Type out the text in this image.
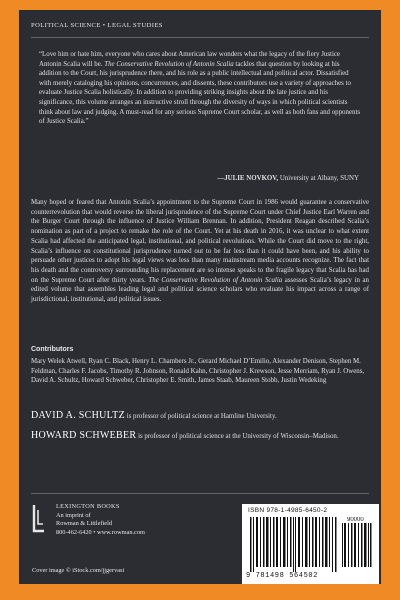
POLITICAL SCIENCE • LEGAL STUDIES
“Love him or hate him, everyone who cares about American law wonders what the legacy of the fiery Justice Antonin Scalia will be. The Conservative Revolution of Antonin Scalia tackles that question by looking at his addition to the Court, his jurisprudence there, and his role as a public intellectual and political actor. Dissatisfied with merely cataloging his opinions, concurrences, and dissents, these contributors use a variety of approaches to evaluate Justice Scalia holistically. In addition to providing striking insights about the late justice and his significance, this volume arranges an instructive stroll through the diversity of ways in which political scientists think about law and judging. A must-read for any serious Supreme Court scholar, as well as both fans and opponents of Justice Scalia.”
—JULIE NOVKOV, University at Albany, SUNY
Many hoped or feared that Antonin Scalia’s appointment to the Supreme Court in 1986 would guarantee a conservative counterrevolution that would reverse the liberal jurisprudence of the Supreme Court under Chief Justice Earl Warren and the Burger Court through the influence of Justice William Brennan. In addition, President Reagan described Scalia’s nomination as part of a project to remake the role of the Court. Yet at his death in 2016, it was unclear to what extent Scalia had affected the anticipated legal, institutional, and political revolutions. While the Court did move to the right, Scalia’s influence on constitutional jurisprudence turned out to be far less than it could have been, and his ability to persuade other justices to adopt his legal views was less than many mainstream media accounts recognize. The fact that his death and the controversy surrounding his replacement are so intense speaks to the fragile legacy that Scalia has had on the Supreme Court after thirty years. The Conservative Revolution of Antonin Scalia assesses Scalia’s legacy in an edited volume that assembles leading legal and political science scholars who evaluate his impact across a range of jurisdictional, institutional, and political issues.
Contributors
Mary Welek Atwell, Ryan C. Black, Henry L. Chambers Jr., Gerard Michael D’Emilio, Alexander Denison, Stephen M. Feldman, Charles F. Jacobs, Timothy R. Johnson, Ronald Kahn, Christopher J. Krewson, Jesse Merriam, Ryan J. Owens, David A. Schultz, Howard Schweber, Christopher E. Smith, James Staab, Maureen Stobb, Justin Wedeking
DAVID A. SCHULTZ is professor of political science at Hamline University.
HOWARD SCHWEBER is professor of political science at the University of Wisconsin–Madison.
LEXINGTON BOOKS
An imprint of
Rowman & Littlefield
800-462-6420 • www.rowman.com
Cover image © iStock.com/jjgervasi
ISBN 978-1-4985-6450-2
90000
9 781498 564502
